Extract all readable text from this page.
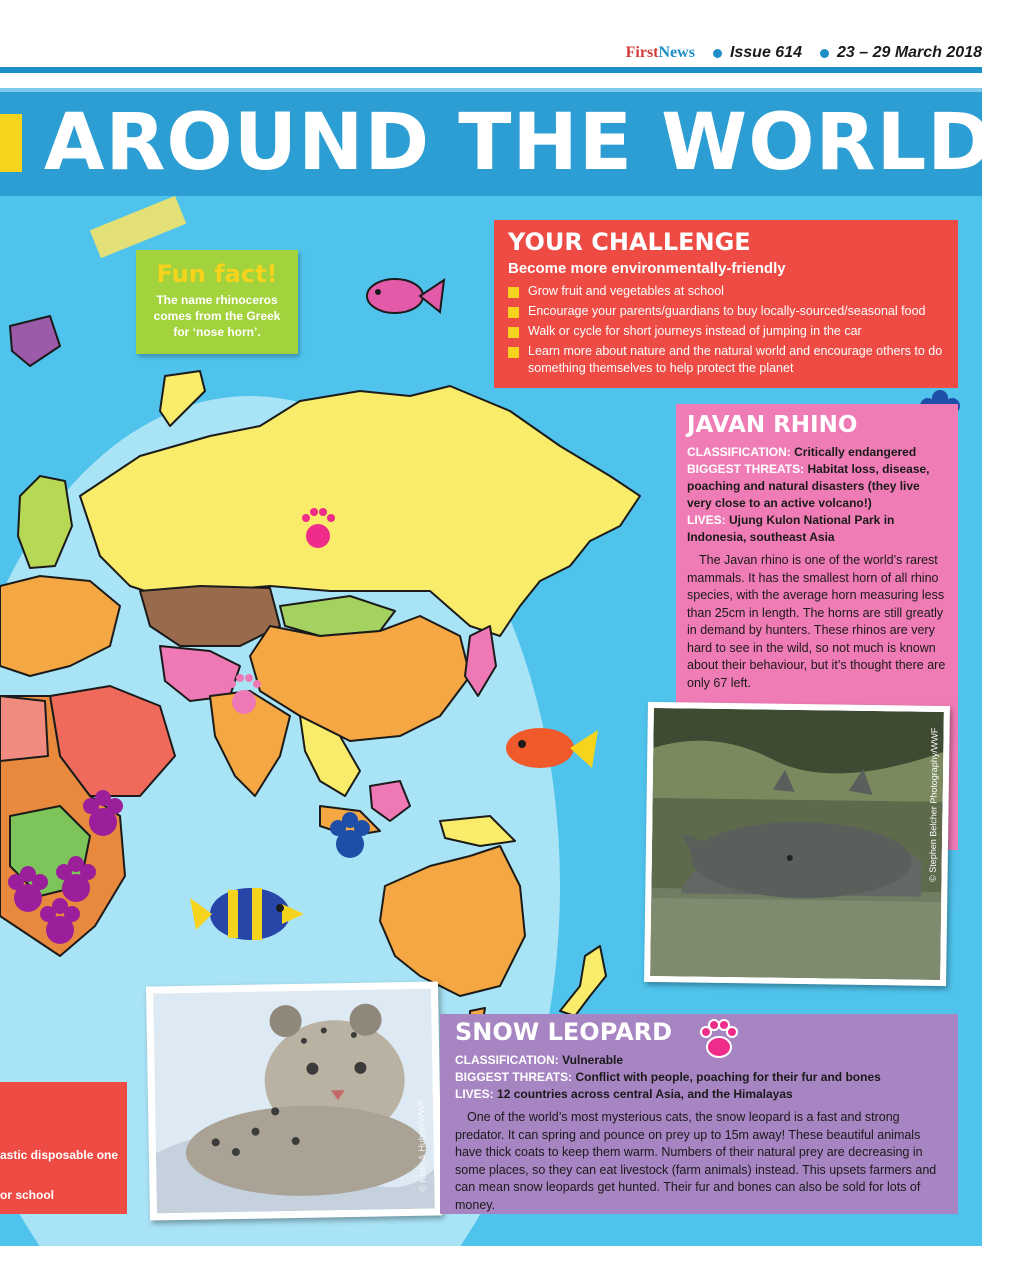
FirstNews Issue 614 23 – 29 March 2018
AROUND THE WORLD
Fun fact!

The name rhinoceros comes from the Greek for ‘nose horn’.

YOUR CHALLENGE
Become more environmentally-friendly
Grow fruit and vegetables at school
Encourage your parents/guardians to buy locally-sourced/seasonal food
Walk or cycle for short journeys instead of jumping in the car
Learn more about nature and the natural world and encourage others to do something themselves to help protect the planet
JAVAN RHINO
CLASSIFICATION: Critically endangered
BIGGEST THREATS: Habitat loss, disease, poaching and natural disasters (they live very close to an active volcano!)
LIVES: Ujung Kulon National Park in Indonesia, southeast Asia
The Javan rhino is one of the world’s rarest mammals. It has the smallest horn of all rhino species, with the average horn measuring less than 25cm in length. The horns are still greatly in demand by hunters. These rhinos are very hard to see in the wild, so not much is known about their behaviour, but it’s thought there are only 67 left.
© Stephen Belcher Photography/WWF
© Klein & Hubert/WWF
SNOW LEOPARD
CLASSIFICATION: Vulnerable
BIGGEST THREATS: Conflict with people, poaching for their fur and bones
LIVES: 12 countries across central Asia, and the Himalayas
One of the world’s most mysterious cats, the snow leopard is a fast and strong predator. It can spring and pounce on prey up to 15m away! These beautiful animals have thick coats to keep them warm. Numbers of their natural prey are decreasing in some places, so they can eat livestock (farm animals) instead. This upsets farmers and can mean snow leopards get hunted. Their fur and bones can also be sold for lots of money.
astic disposable one
or school
